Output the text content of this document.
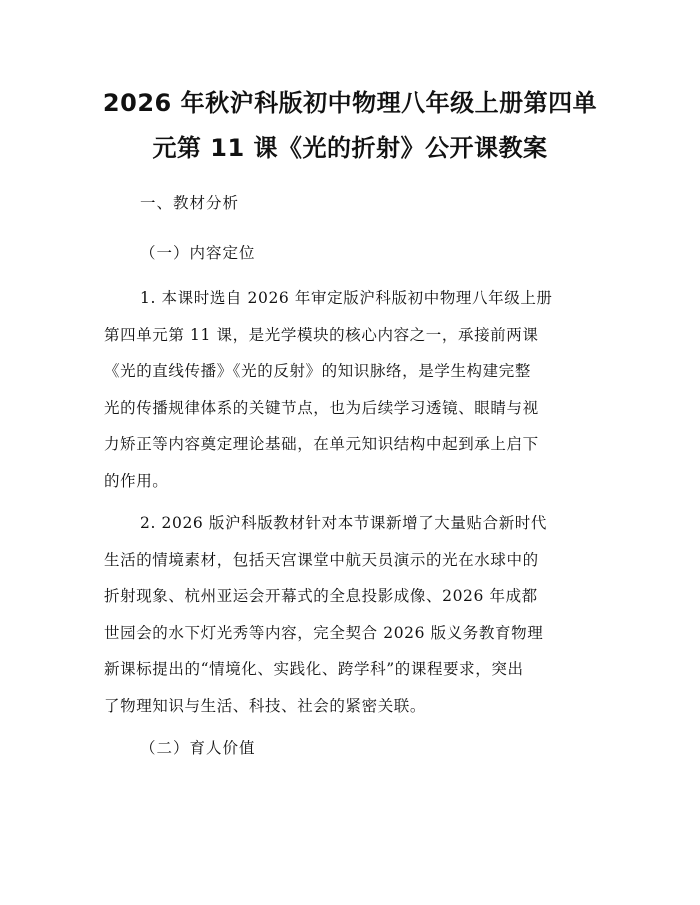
2026 年秋沪科版初中物理八年级上册第四单
元第 11 课《光的折射》公开课教案
一、教材分析
（一）内容定位
1. 本课时选自 2026 年审定版沪科版初中物理八年级上册
第四单元第 11 课，是光学模块的核心内容之一，承接前两课
《光的直线传播》《光的反射》的知识脉络，是学生构建完整
光的传播规律体系的关键节点，也为后续学习透镜、眼睛与视
力矫正等内容奠定理论基础，在单元知识结构中起到承上启下
的作用。
2. 2026 版沪科版教材针对本节课新增了大量贴合新时代
生活的情境素材，包括天宫课堂中航天员演示的光在水球中的
折射现象、杭州亚运会开幕式的全息投影成像、2026 年成都
世园会的水下灯光秀等内容，完全契合 2026 版义务教育物理
新课标提出的“情境化、实践化、跨学科”的课程要求，突出
了物理知识与生活、科技、社会的紧密关联。
（二）育人价值
